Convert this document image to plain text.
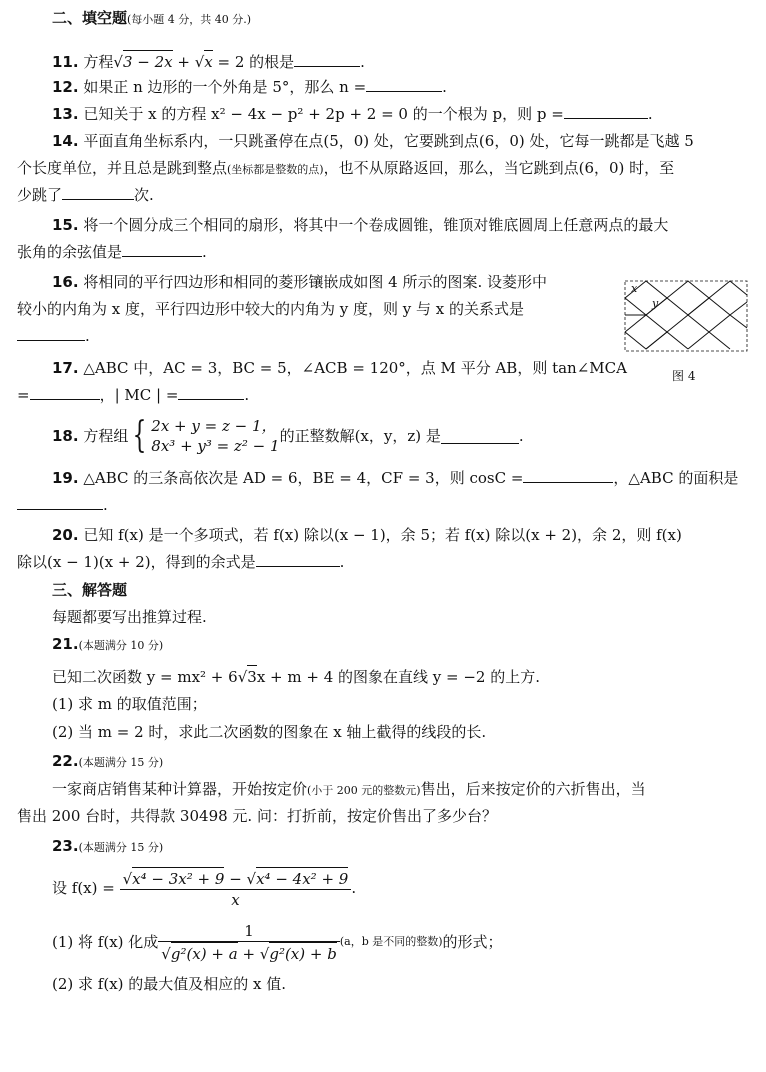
二、填空题(每小题 4 分，共 40 分.)
11. 方程√3 − 2x + √x = 2 的根是	.
12. 如果正 n 边形的一个外角是 5°，那么 n =	.
13. 已知关于 x 的方程 x² − 4x − p² + 2p + 2 = 0 的一个根为 p，则 p =	.
14. 平面直角坐标系内，一只跳蚤停在点(5，0) 处，它要跳到点(6，0) 处，它每一跳都是飞越 5
个长度单位，并且总是跳到整点(坐标都是整数的点)，也不从原路返回，那么，当它跳到点(6，0) 时，至
少跳了	次.
15. 将一个圆分成三个相同的扇形，将其中一个卷成圆锥，锥顶对锥底圆周上任意两点的最大
张角的余弦值是	.
16. 将相同的平行四边形和相同的菱形镶嵌成如图 4 所示的图案. 设菱形中
较小的内角为 x 度，平行四边形中较大的内角为 y 度，则 y 与 x 的关系式是
.
x
y
图 4
17. △ABC 中，AC = 3，BC = 5，∠ACB = 120°，点 M 平分 AB，则 tan∠MCA
=	，| MC | =	.
18.
方程组 { 2x + y = z − 1，
8x³ + y³ = z² − 1
的正整数解(x，y，z) 是	.
19. △ABC 的三条高依次是 AD = 6，BE = 4，CF = 3，则 cosC =	，△ABC 的面积是
.
20. 已知 f(x) 是一个多项式，若 f(x) 除以(x − 1)，余 5；若 f(x) 除以(x + 2)，余 2，则 f(x)
除以(x − 1)(x + 2)，得到的余式是	.
三、解答题
每题都要写出推算过程.
21.(本题满分 10 分)
已知二次函数 y = mx² + 6√3x + m + 4 的图象在直线 y = −2 的上方.
(1) 求 m 的取值范围；
(2) 当 m = 2 时，求此二次函数的图象在 x 轴上截得的线段的长.
22.(本题满分 15 分)
一家商店销售某种计算器，开始按定价(小于 200 元的整数元)售出，后来按定价的六折售出，当
售出 200 台时，共得款 30498 元. 问：打折前，按定价售出了多少台？
23.(本题满分 15 分)
设 f(x) =
$\frac{\text{√x⁴ − 3x² + 9 − √x⁴ − 4x² + 9}}{x}$ .
(1) 将 f(x) 化成 $\frac{1}{\text{√g²(x) + a + √g²(x) + b}} (a$，b 是不同的整数) 的形式；
(2) 求 f(x) 的最大值及相应的 x 值.
